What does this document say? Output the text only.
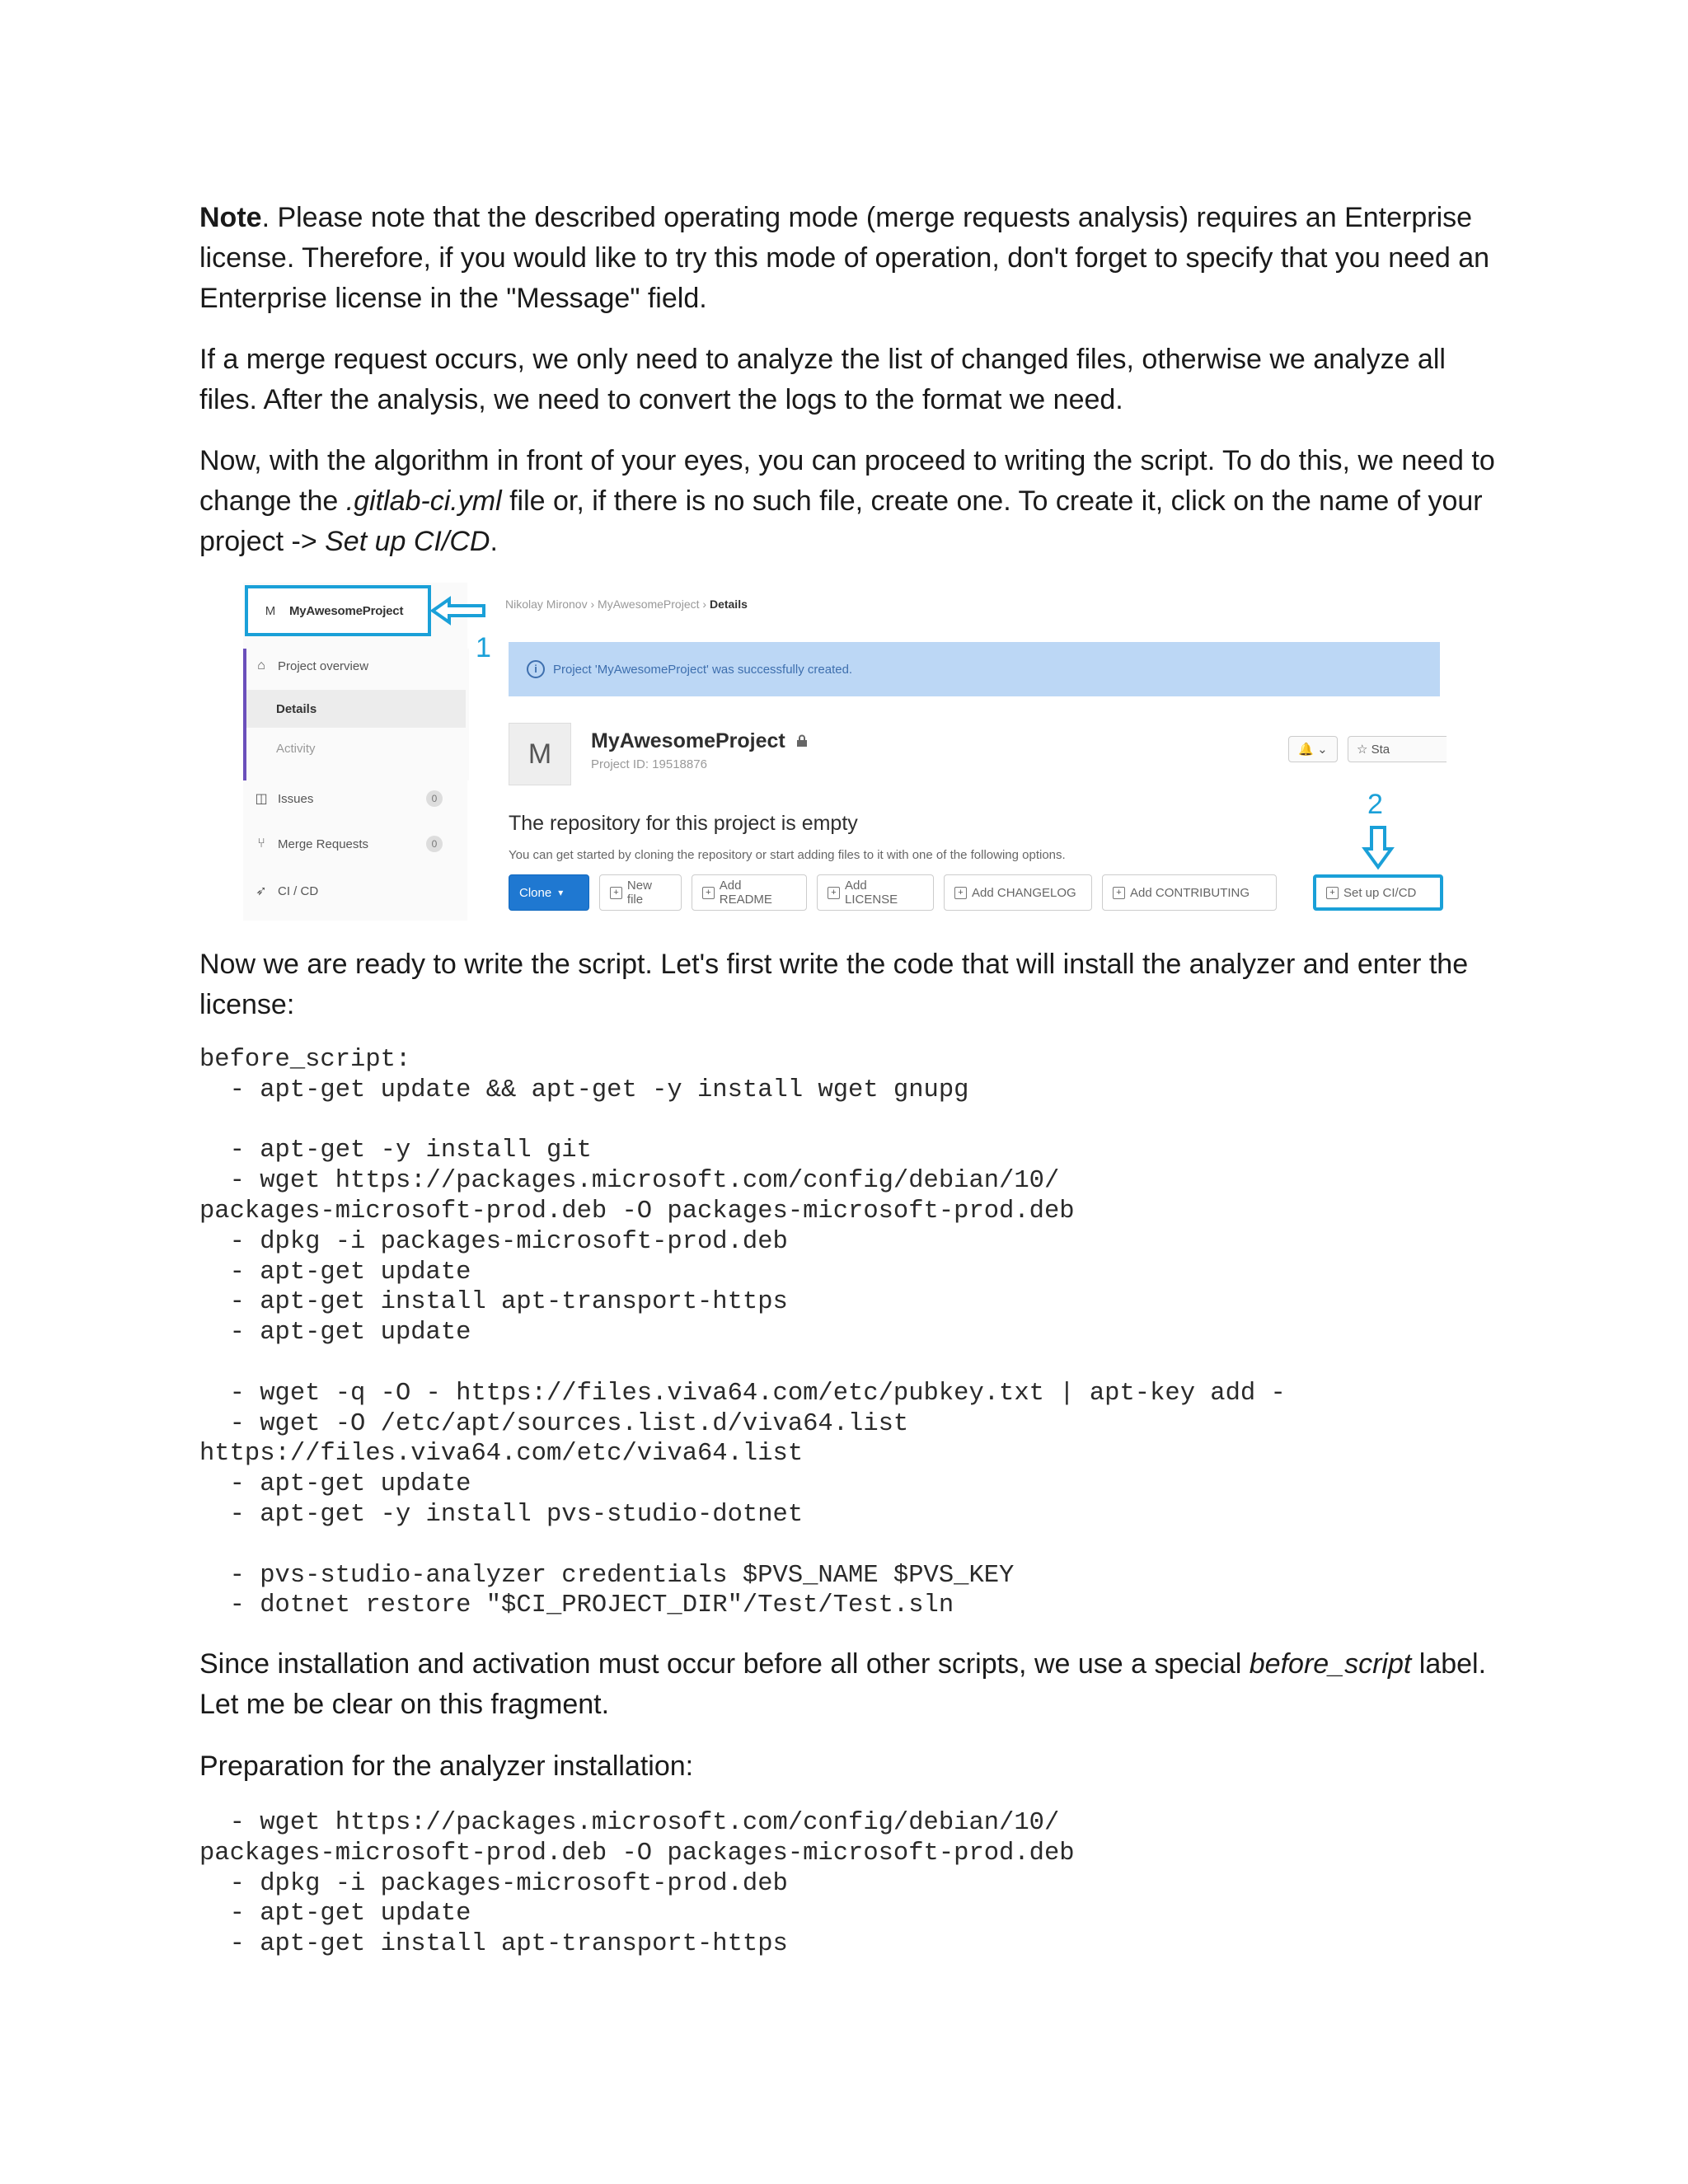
Note. Please note that the described operating mode (merge requests analysis) requires an Enterprise license. Therefore, if you would like to try this mode of operation, don't forget to specify that you need an Enterprise license in the "Message" field.

If a merge request occurs, we only need to analyze the list of changed files, otherwise we analyze all files. After the analysis, we need to convert the logs to the format we need.

Now, with the algorithm in front of your eyes, you can proceed to writing the script. To do this, we need to change the .gitlab-ci.yml file or, if there is no such file, create one. To create it, click on the name of your project -> Set up CI/CD.

M	MyAwesomeProject
⌂	Project overview
Details
Activity
◫ Issues	0
⑂	Merge Requests	0
➶ CI / CD
1
Nikolay Mironov › MyAwesomeProject › Details
i	Project 'MyAwesomeProject' was successfully created.
M	MyAwesomeProject
Project ID: 19518876
🔔 ⌄	☆ Sta
The repository for this project is empty
You can get started by cloning the repository or start adding files to it with one of the following options.
2
Clone ▾	+ New file
+ Add README
+ Add LICENSE
+ Add CHANGELOG	+ Add CONTRIBUTING	+ Set up CI/CD

Now we are ready to write the script. Let's first write the code that will install the analyzer and enter the license:

before_script:
- apt-get update && apt-get -y install wget gnupg

- apt-get -y install git
- wget https://packages.microsoft.com/config/debian/10/
packages-microsoft-prod.deb -O packages-microsoft-prod.deb
- dpkg -i packages-microsoft-prod.deb
- apt-get update
- apt-get install apt-transport-https
- apt-get update

- wget -q -O - https://files.viva64.com/etc/pubkey.txt | apt-key add -
- wget -O /etc/apt/sources.list.d/viva64.list
https://files.viva64.com/etc/viva64.list
- apt-get update
- apt-get -y install pvs-studio-dotnet

- pvs-studio-analyzer credentials $PVS_NAME $PVS_KEY
- dotnet restore "$CI_PROJECT_DIR"/Test/Test.sln

Since installation and activation must occur before all other scripts, we use a special before_script label. Let me be clear on this fragment.

Preparation for the analyzer installation:

- wget https://packages.microsoft.com/config/debian/10/
packages-microsoft-prod.deb -O packages-microsoft-prod.deb
- dpkg -i packages-microsoft-prod.deb
- apt-get update
- apt-get install apt-transport-https
